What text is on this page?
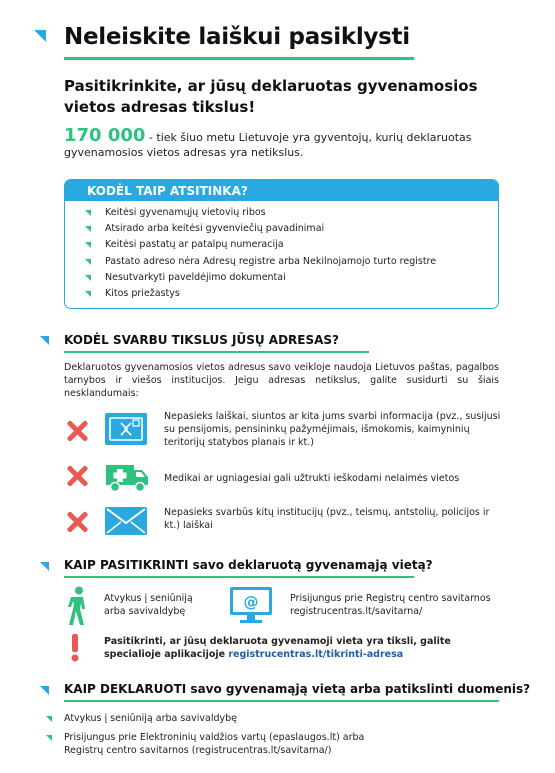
Neleiskite laiškui pasiklysti
Pasitikrinkite, ar jūsų deklaruotas gyvenamosios vietos adresas tikslus!
170 000 - tiek šiuo metu Lietuvoje yra gyventojų, kurių deklaruotas gyvenamosios vietos adresas yra netikslus.
KODĖL TAIP ATSITINKA?
Keitėsi gyvenamųjų vietovių ribos
Atsirado arba keitėsi gyvenviečių pavadinimai
Keitėsi pastatų ar patalpų numeracija
Pastato adreso nėra Adresų registre arba Nekilnojamojo turto registre
Nesutvarkyti paveldėjimo dokumentai
Kitos priežastys
KODĖL SVARBU TIKSLUS JŪSŲ ADRESAS?
Deklaruotos gyvenamosios vietos adresus savo veikloje naudoja Lietuvos paštas, pagalbos tarnybos ir viešos institucijos. Jeigu adresas netikslus, galite susidurti su šiais nesklandumais:
Nepasieks laiškai, siuntos ar kita jums svarbi informacija (pvz., susijusi su pensijomis, pensininkų pažymėjimais, išmokomis, kaimyninių teritorijų statybos planais ir kt.)
Medikai ar ugniagesiai gali užtrukti ieškodami nelaimės vietos
Nepasieks svarbūs kitų institucijų (pvz., teismų, antstolių, policijos ir kt.) laiškai
KAIP PASITIKRINTI savo deklaruotą gyvenamąją vietą?
Atvykus į seniūniją arba savivaldybę
@	Prisijungus prie Registrų centro savitarnos registrucentras.lt/savitarna/
Pasitikrinti, ar jūsų deklaruota gyvenamoji vieta yra tiksli, galite specialioje aplikacijoje registrucentras.lt/tikrinti-adresa
KAIP DEKLARUOTI savo gyvenamąją vietą arba patikslinti duomenis?
Atvykus į seniūniją arba savivaldybę
Prisijungus prie Elektroninių valdžios vartų (epaslaugos.lt) arba Registrų centro savitarnos (registrucentras.lt/savitarna/)
